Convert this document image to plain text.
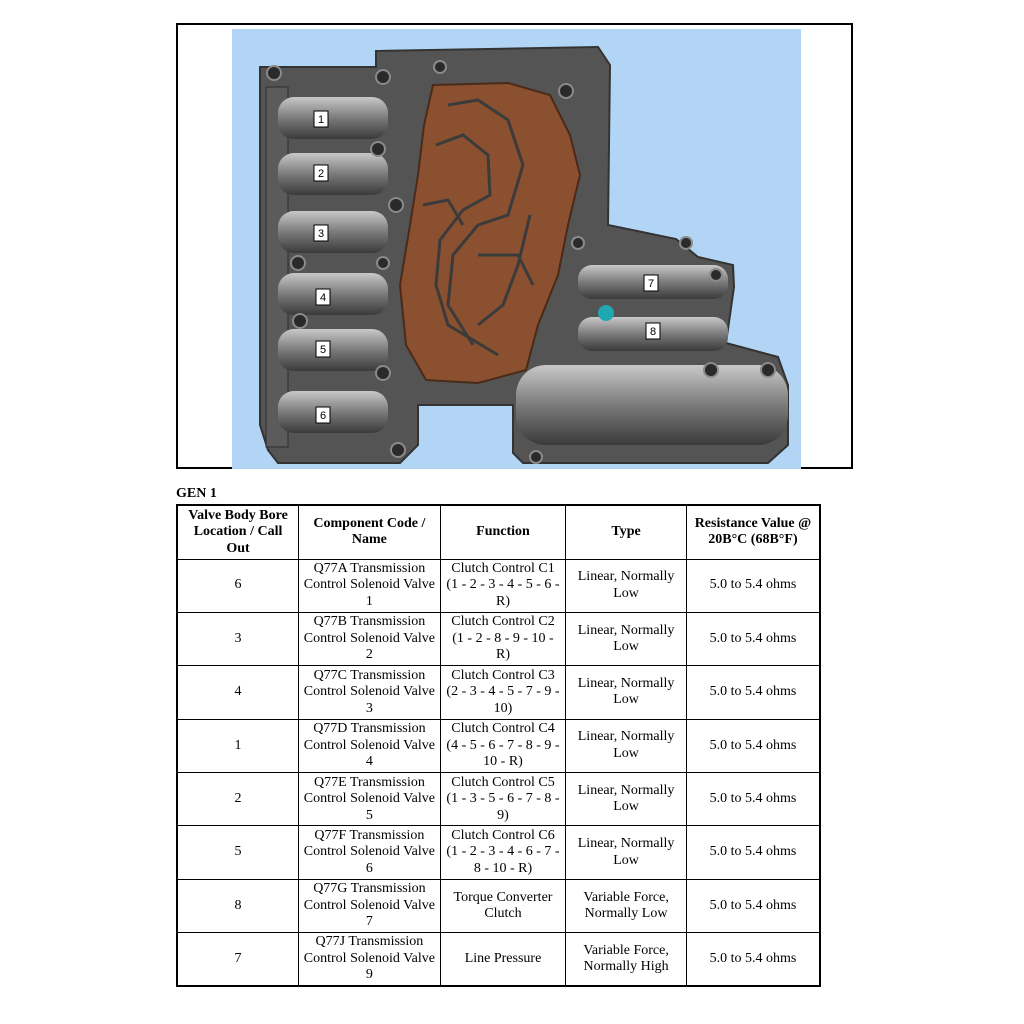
1
2
3
4
5
6
7
8
GEN 1
Valve Body Bore Location / Call Out	Component Code / Name	Function	Type	Resistance Value @ 20B°C (68B°F)
6	Q77A Transmission Control Solenoid Valve 1	Clutch Control C1 (1 - 2 - 3 - 4 - 5 - 6 - R)	Linear, Normally Low	5.0 to 5.4 ohms
3	Q77B Transmission Control Solenoid Valve 2	Clutch Control C2 (1 - 2 - 8 - 9 - 10 - R)	Linear, Normally Low	5.0 to 5.4 ohms
4	Q77C Transmission Control Solenoid Valve 3	Clutch Control C3 (2 - 3 - 4 - 5 - 7 - 9 - 10)	Linear, Normally Low	5.0 to 5.4 ohms
1	Q77D Transmission Control Solenoid Valve 4	Clutch Control C4 (4 - 5 - 6 - 7 - 8 - 9 - 10 - R)	Linear, Normally Low	5.0 to 5.4 ohms
2	Q77E Transmission Control Solenoid Valve 5	Clutch Control C5 (1 - 3 - 5 - 6 - 7 - 8 - 9)	Linear, Normally Low	5.0 to 5.4 ohms
5	Q77F Transmission Control Solenoid Valve 6	Clutch Control C6 (1 - 2 - 3 - 4 - 6 - 7 - 8 - 10 - R)	Linear, Normally Low	5.0 to 5.4 ohms
8	Q77G Transmission Control Solenoid Valve 7	Torque Converter Clutch	Variable Force, Normally Low	5.0 to 5.4 ohms
7	Q77J Transmission Control Solenoid Valve 9	Line Pressure	Variable Force, Normally High	5.0 to 5.4 ohms
